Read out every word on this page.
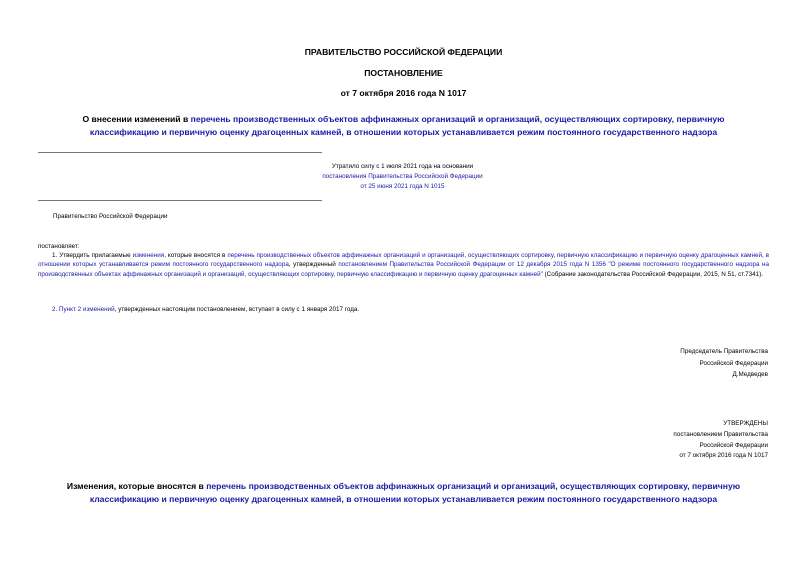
ПРАВИТЕЛЬСТВО РОССИЙСКОЙ ФЕДЕРАЦИИ
ПОСТАНОВЛЕНИЕ
от 7 октября 2016 года N 1017
О внесении изменений в перечень производственных объектов аффинажных организаций и организаций, осуществляющих сортировку, первичную классификацию и первичную оценку драгоценных камней, в отношении которых устанавливается режим постоянного государственного надзора
Утратило силу с 1 июля 2021 года на основании
постановления Правительства Российской Федерации
от 25 июня 2021 года N 1015
Правительство Российской Федерации
постановляет:
1. Утвердить прилагаемые изменения, которые вносятся в перечень производственных объектов аффинажных организаций и организаций, осуществляющих сортировку, первичную классификацию и первичную оценку драгоценных камней, в отношении которых устанавливается режим постоянного государственного надзора, утвержденный постановлением Правительства Российской Федерации от 12 декабря 2015 года N 1356 "О режиме постоянного государственного надзора на производственных объектах аффинажных организаций и организаций, осуществляющих сортировку, первичную классификацию и первичную оценку драгоценных камней" (Собрание законодательства Российской Федерации, 2015, N 51, ст.7341).
2. Пункт 2 изменений, утвержденных настоящим постановлением, вступает в силу с 1 января 2017 года.
Председатель Правительства
Российской Федерации
Д.Медведев
УТВЕРЖДЕНЫ
постановлением Правительства
Российской Федерации
от 7 октября 2016 года N 1017
Изменения, которые вносятся в перечень производственных объектов аффинажных организаций и организаций, осуществляющих сортировку, первичную классификацию и первичную оценку драгоценных камней, в отношении которых устанавливается режим постоянного государственного надзора
